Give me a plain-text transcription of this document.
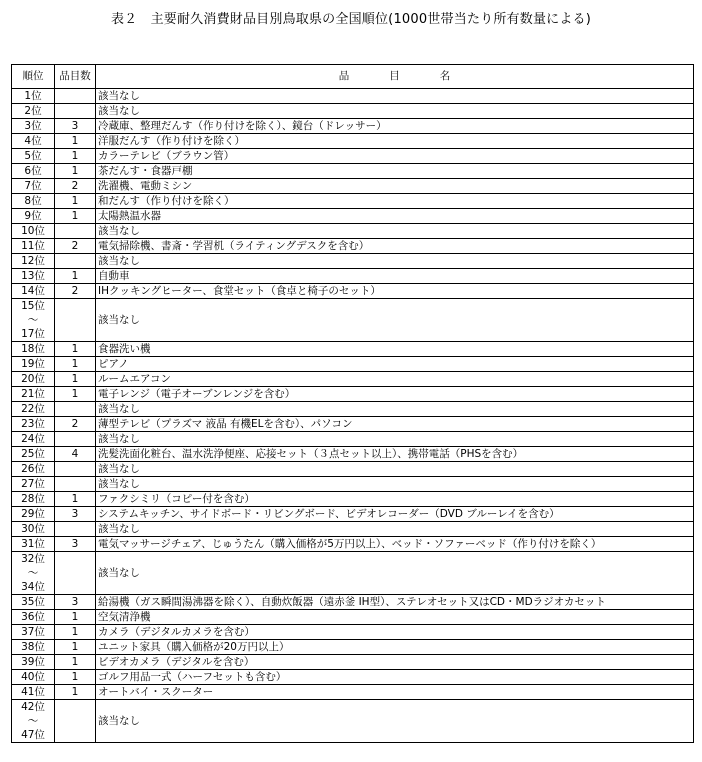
表２　主要耐久消費財品目別鳥取県の全国順位(1000世帯当たり所有数量による)
順位	品目数	品目名
1位		該当なし
2位		該当なし
3位	3	冷蔵庫、整理だんす（作り付けを除く）、鏡台（ドレッサー）
4位	1	洋服だんす（作り付けを除く）
5位	1	カラーテレビ（ブラウン管）
6位	1	茶だんす・食器戸棚
7位	2	洗濯機、電動ミシン
8位	1	和だんす（作り付けを除く）
9位	1	太陽熱温水器
10位		該当なし
11位	2	電気掃除機、書斎・学習机（ライティングデスクを含む）
12位		該当なし
13位	1	自動車
14位	2	IHクッキングヒーター、食堂セット（食卓と椅子のセット）

15位
～
17位		該当なし
18位	1	食器洗い機
19位	1	ピアノ
20位	1	ルームエアコン
21位	1	電子レンジ（電子オーブンレンジを含む）
22位		該当なし
23位	2	薄型テレビ（プラズマ 液晶 有機ELを含む）、パソコン
24位		該当なし
25位	4	洗髪洗面化粧台、温水洗浄便座、応接セット（３点セット以上）、携帯電話（PHSを含む）
26位		該当なし
27位		該当なし
28位	1	ファクシミリ（コピー付を含む）
29位	3	システムキッチン、サイドボード・リビングボード、ビデオレコーダー（DVD ブルーレイを含む）
30位		該当なし
31位	3	電気マッサージチェア、じゅうたん（購入価格が5万円以上）、ベッド・ソファーベッド（作り付けを除く）

32位
～
34位		該当なし
35位	3	給湯機（ガス瞬間湯沸器を除く）、自動炊飯器（遠赤釜 IH型）、ステレオセット又はCD・MDラジオカセット
36位	1	空気清浄機
37位	1	カメラ（デジタルカメラを含む）
38位	1	ユニット家具（購入価格が20万円以上）
39位	1	ビデオカメラ（デジタルを含む）
40位	1	ゴルフ用品一式（ハーフセットも含む）
41位	1	オートバイ・スクーター

42位
～
47位		該当なし
